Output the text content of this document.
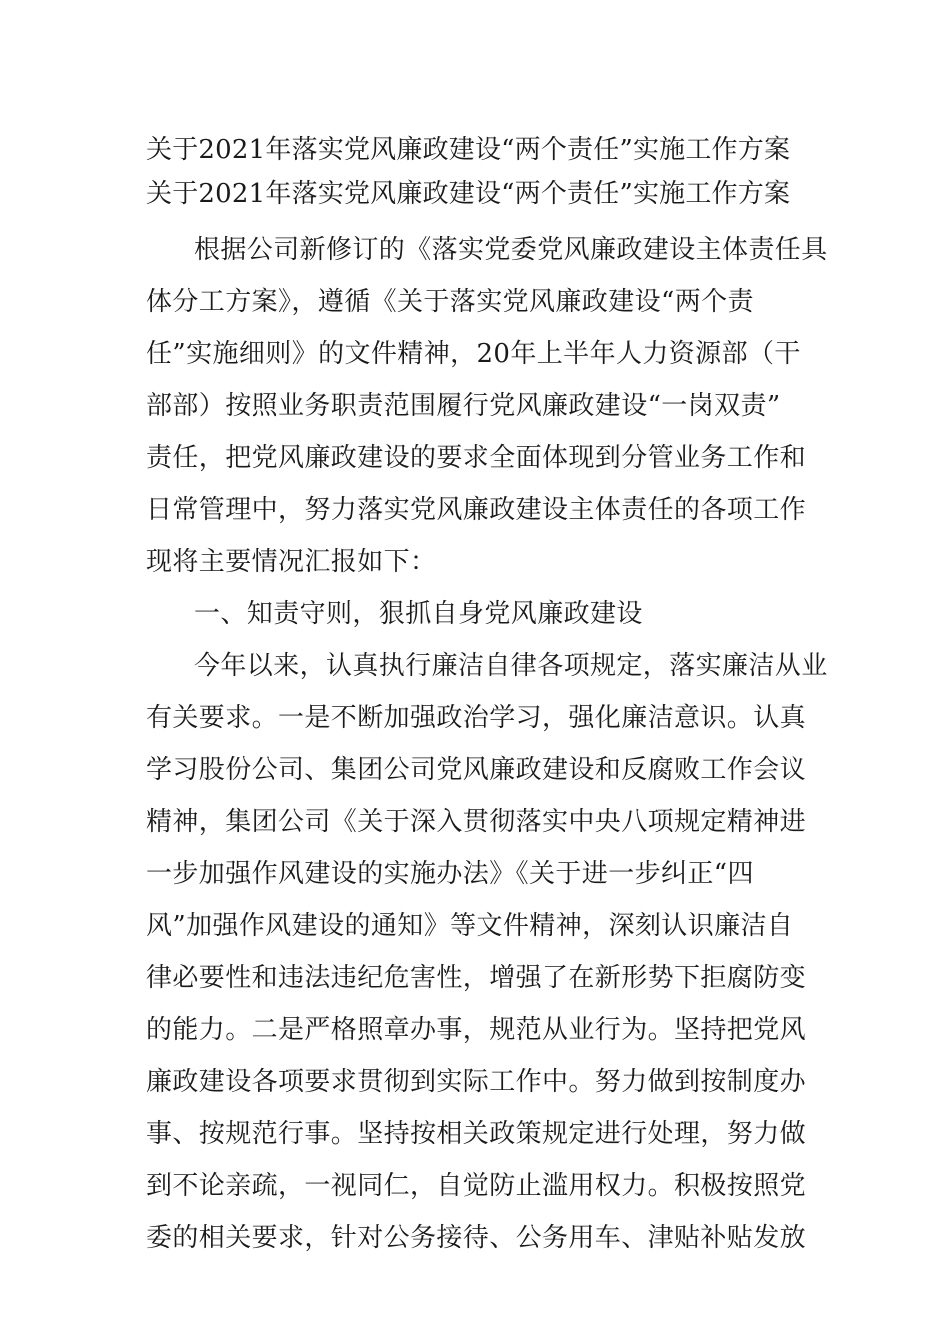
关于2021年落实党风廉政建设“两个责任”实施工作方案
关于2021年落实党风廉政建设“两个责任”实施工作方案
根据公司新修订的《落实党委党风廉政建设主体责任具
体分工方案》，遵循《关于落实党风廉政建设“两个责
任”实施细则》的文件精神，20年上半年人力资源部（干
部部）按照业务职责范围履行党风廉政建设“一岗双责”
责任，把党风廉政建设的要求全面体现到分管业务工作和
日常管理中，努力落实党风廉政建设主体责任的各项工作
现将主要情况汇报如下：
一、知责守则，狠抓自身党风廉政建设
今年以来，认真执行廉洁自律各项规定，落实廉洁从业
有关要求。一是不断加强政治学习，强化廉洁意识。认真
学习股份公司、集团公司党风廉政建设和反腐败工作会议
精神，集团公司《关于深入贯彻落实中央八项规定精神进
一步加强作风建设的实施办法》《关于进一步纠正“四
风”加强作风建设的通知》等文件精神，深刻认识廉洁自
律必要性和违法违纪危害性，增强了在新形势下拒腐防变
的能力。二是严格照章办事，规范从业行为。坚持把党风
廉政建设各项要求贯彻到实际工作中。努力做到按制度办
事、按规范行事。坚持按相关政策规定进行处理，努力做
到不论亲疏，一视同仁，自觉防止滥用权力。积极按照党
委的相关要求，针对公务接待、公务用车、津贴补贴发放
